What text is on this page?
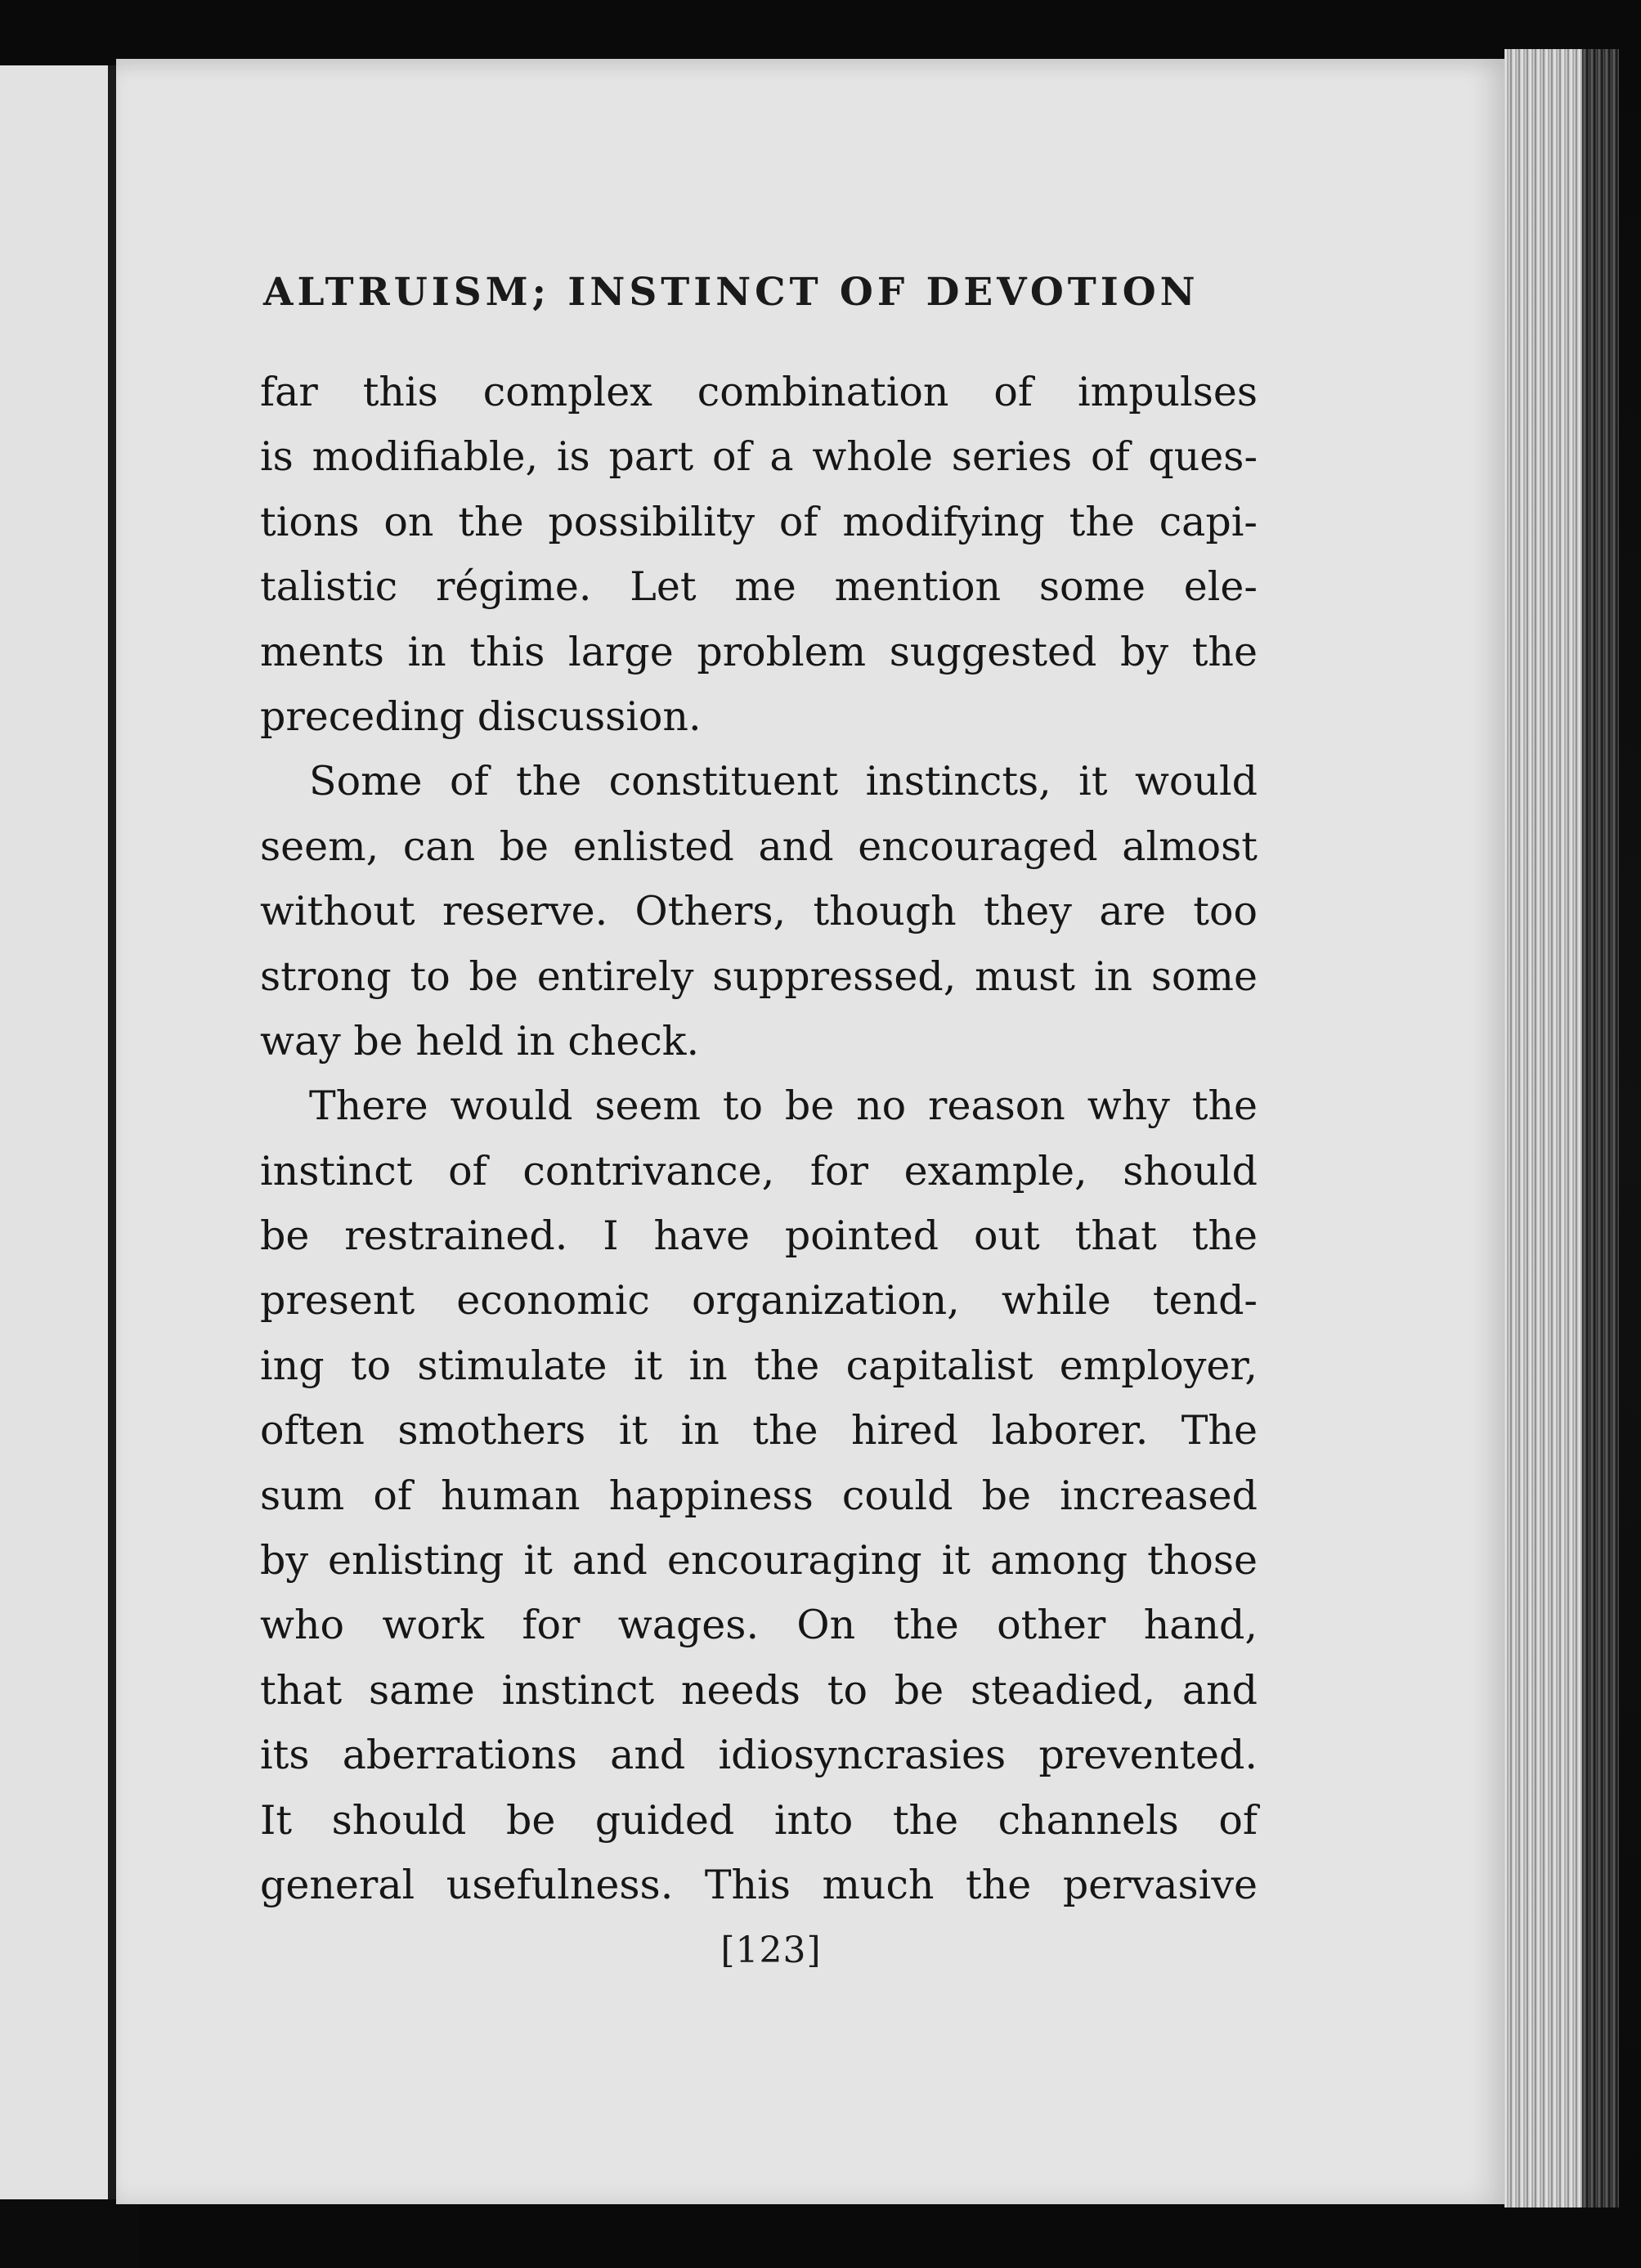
ALTRUISM; INSTINCT OF DEVOTION
far this complex combination of impulses
is modifiable, is part of a whole series of ques-
tions on the possibility of modifying the capi-
talistic régime. Let me mention some ele-
ments in this large problem suggested by the
preceding discussion.
Some of the constituent instincts, it would
seem, can be enlisted and encouraged almost
without reserve. Others, though they are too
strong to be entirely suppressed, must in some
way be held in check.
There would seem to be no reason why the
instinct of contrivance, for example, should
be restrained. I have pointed out that the
present economic organization, while tend-
ing to stimulate it in the capitalist employer,
often smothers it in the hired laborer. The
sum of human happiness could be increased
by enlisting it and encouraging it among those
who work for wages. On the other hand,
that same instinct needs to be steadied, and
its aberrations and idiosyncrasies prevented.
It should be guided into the channels of
general usefulness. This much the pervasive
[123]
